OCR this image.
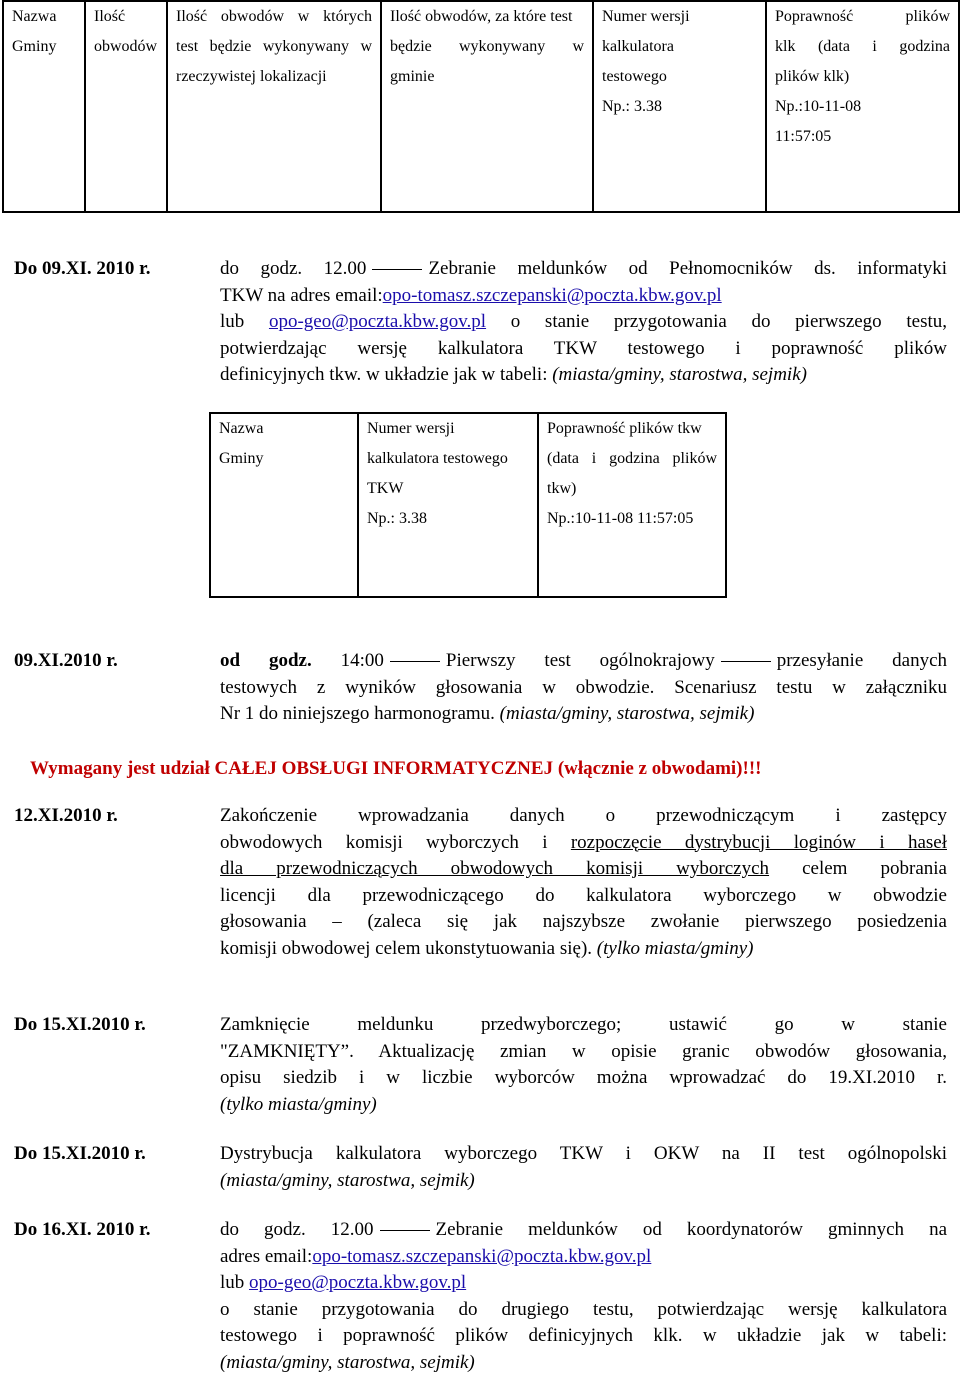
Nazwa
Gminy

Ilość
obwodów

Ilość obwodów w których
test będzie wykonywany w
rzeczywistej lokalizacji

Ilość obwodów, za które test
będzie wykonywany w
gminie

Numer wersji
kalkulatora
testowego
Np.: 3.38

Poprawność plików
klk (data i godzina
plików klk)
Np.:10-11-08
11:57:05
Do 09.XI. 2010 r.	do godz. 12.00	Zebranie meldunków od Pełnomocników ds. informatyki

TKW na adres email:opo-tomasz.szczepanski@poczta.kbw.gov.pl

lub opo-geo@poczta.kbw.gov.pl o stanie przygotowania do pierwszego testu,

potwierdzając wersję kalkulatora TKW testowego i poprawność plików

definicyjnych tkw. w układzie jak w tabeli: (miasta/gminy, starostwa, sejmik)

Nazwa
Gminy

Numer wersji
kalkulatora testowego
TKW
Np.: 3.38

Poprawność plików tkw
(data i godzina plików
tkw)
Np.:10-11-08 11:57:05
09.XI.2010 r.	od godz. 14:00	Pierwszy test ogólnokrajowy	przesyłanie danych

testowych z wyników głosowania w obwodzie. Scenariusz testu w załączniku

Nr 1 do niniejszego harmonogramu. (miasta/gminy, starostwa, sejmik)

Wymagany jest udział CAŁEJ OBSŁUGI INFORMATYCZNEJ (włącznie z obwodami)!!!
12.XI.2010 r.	Zakończenie wprowadzania danych o przewodniczącym i zastępcy

obwodowych komisji wyborczych i rozpoczęcie dystrybucji loginów i haseł

dla przewodniczących obwodowych komisji wyborczych celem pobrania

licencji dla przewodniczącego do kalkulatora wyborczego w obwodzie

głosowania – (zaleca się jak najszybsze zwołanie pierwszego posiedzenia

komisji obwodowej celem ukonstytuowania się). (tylko miasta/gminy)

Do 15.XI.2010 r.	Zamknięcie meldunku przedwyborczego; ustawić go w stanie

"ZAMKNIĘTY”. Aktualizację zmian w opisie granic obwodów głosowania,

opisu siedzib i w liczbie wyborców można wprowadzać do 19.XI.2010 r.

(tylko miasta/gminy)

Do 15.XI.2010 r.	Dystrybucja kalkulatora wyborczego TKW i OKW na II test ogólnopolski

(miasta/gminy, starostwa, sejmik)

Do 16.XI. 2010 r.	do godz. 12.00	Zebranie meldunków od koordynatorów gminnych na

adres email:opo-tomasz.szczepanski@poczta.kbw.gov.pl

lub opo-geo@poczta.kbw.gov.pl

o stanie przygotowania do drugiego testu, potwierdzając wersję kalkulatora

testowego i poprawność plików definicyjnych klk. w układzie jak w tabeli:

(miasta/gminy, starostwa, sejmik)
